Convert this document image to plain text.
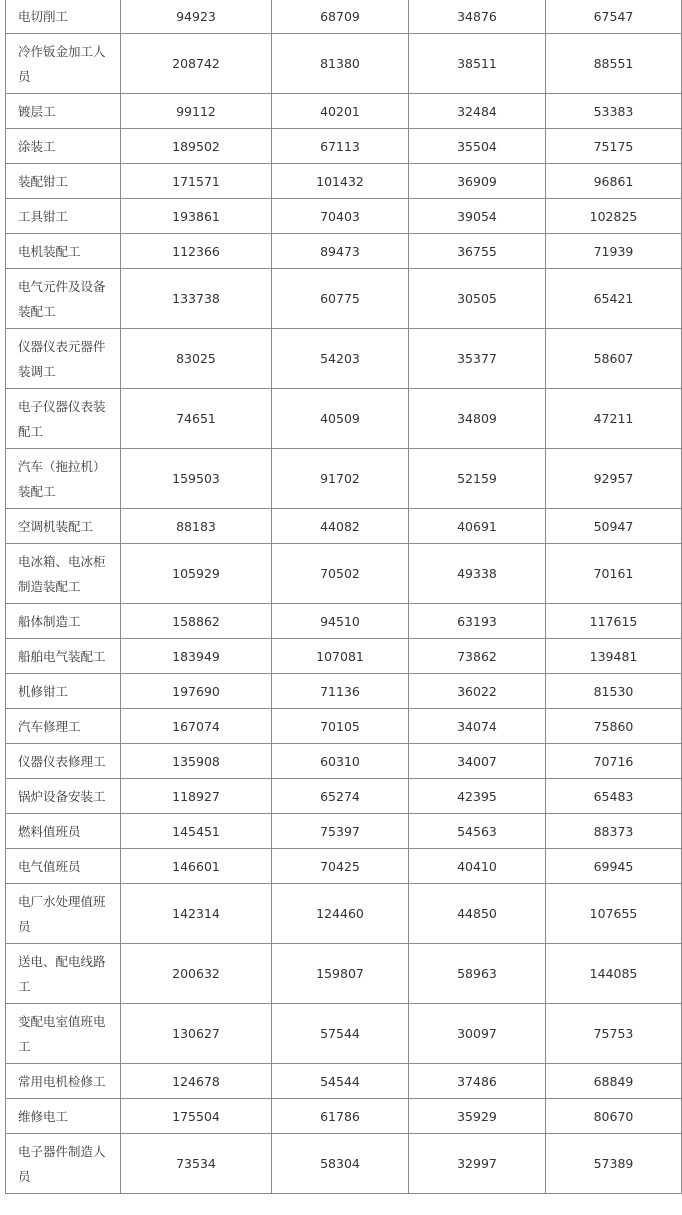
电切削工	94923	68709	34876	67547
冷作钣金加工人员	208742	81380	38511	88551
镀层工	99112	40201	32484	53383
涂装工	189502	67113	35504	75175
装配钳工	171571	101432	36909	96861
工具钳工	193861	70403	39054	102825
电机装配工	112366	89473	36755	71939
电气元件及设备装配工	133738	60775	30505	65421
仪器仪表元器件装调工	83025	54203	35377	58607
电子仪器仪表装配工	74651	40509	34809	47211
汽车（拖拉机）装配工	159503	91702	52159	92957
空调机装配工	88183	44082	40691	50947
电冰箱、电冰柜制造装配工	105929	70502	49338	70161
船体制造工	158862	94510	63193	117615
船舶电气装配工	183949	107081	73862	139481
机修钳工	197690	71136	36022	81530
汽车修理工	167074	70105	34074	75860
仪器仪表修理工	135908	60310	34007	70716
锅炉设备安装工	118927	65274	42395	65483
燃料值班员	145451	75397	54563	88373
电气值班员	146601	70425	40410	69945
电厂水处理值班员	142314	124460	44850	107655
送电、配电线路工	200632	159807	58963	144085
变配电室值班电工	130627	57544	30097	75753
常用电机检修工	124678	54544	37486	68849
维修电工	175504	61786	35929	80670
电子器件制造人员	73534	58304	32997	57389
